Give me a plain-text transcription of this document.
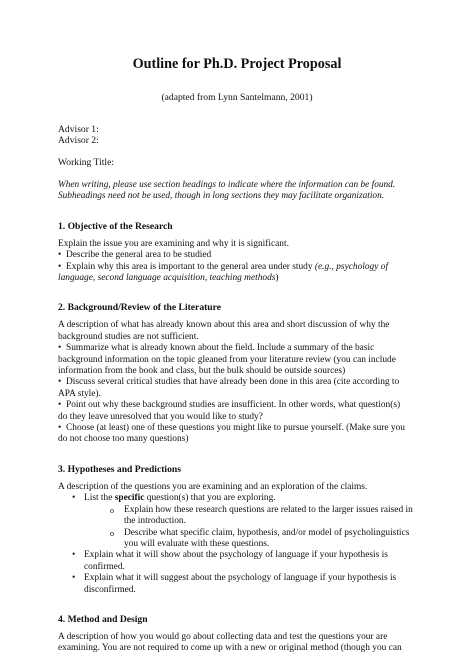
Outline for Ph.D. Project Proposal

(adapted from Lynn Santelmann, 2001)

Advisor 1:

Advisor 2:

Working Title:

When writing, please use section headings to indicate where the information can be found.

Subheadings need not be used, though in long sections they may facilitate organization.

1. Objective of the Research

Explain the issue you are examining and why it is significant.

• Describe the general area to be studied

• Explain why this area is important to the general area under study (e.g., psychology of

language, second language acquisition, teaching methods)

2. Background/Review of the Literature

A description of what has already known about this area and short discussion of why the

background studies are not sufficient.

• Summarize what is already known about the field. Include a summary of the basic

background information on the topic gleaned from your literature review (you can include

information from the book and class, but the bulk should be outside sources)

• Discuss several critical studies that have already been done in this area (cite according to

APA style).

• Point out why these background studies are insufficient. In other words, what question(s)

do they leave unresolved that you would like to study?

• Choose (at least) one of these questions you might like to pursue yourself. (Make sure you

do not choose too many questions)

3. Hypotheses and Predictions

A description of the questions you are examining and an exploration of the claims.

• List the specific question(s) that you are exploring.
o Explain how these research questions are related to the larger issues raised in
the introduction.
o Describe what specific claim, hypothesis, and/or model of psycholinguistics
you will evaluate with these questions.
• Explain what it will show about the psychology of language if your hypothesis is
confirmed.
• Explain what it will suggest about the psychology of language if your hypothesis is
disconfirmed.
4. Method and Design

A description of how you would go about collecting data and test the questions your are

examining. You are not required to come up with a new or original method (though you can
